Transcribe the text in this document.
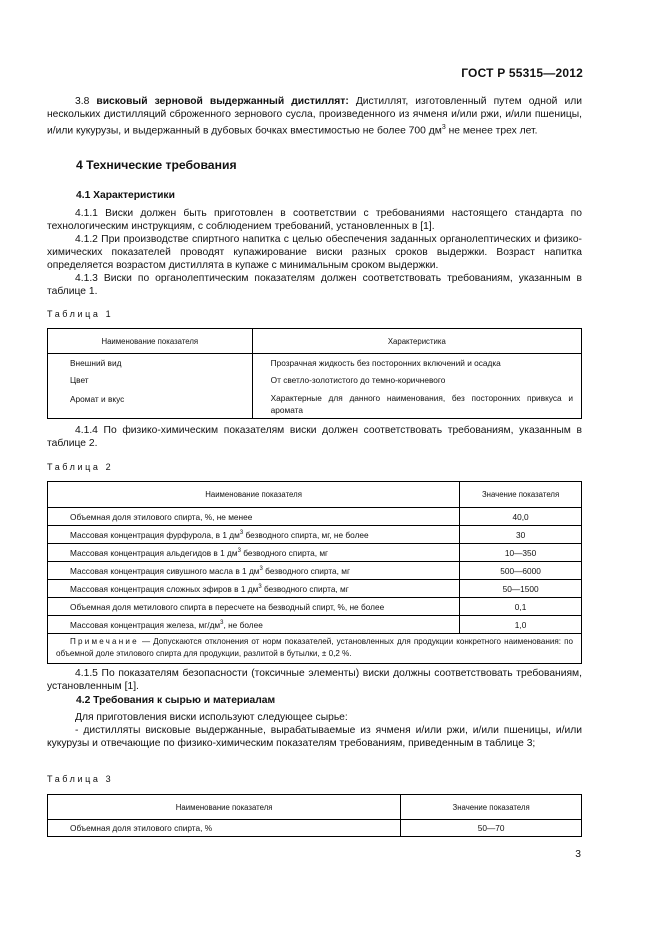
ГОСТ Р 55315—2012

3.8 висковый зерновой выдержанный дистиллят: Дистиллят, изготовленный путем одной или нескольких дистилляций сброженного зернового сусла, произведенного из ячменя и/или ржи, и/или пшеницы, и/или кукурузы, и выдержанный в дубовых бочках вместимостью не более 700 $дм^3$ не менее трех лет.

4 Технические требования
4.1 Характеристики

4.1.1 Виски должен быть приготовлен в соответствии с требованиями настоящего стандарта по технологическим инструкциям, с соблюдением требований, установленных в [1].

4.1.2 При производстве спиртного напитка с целью обеспечения заданных органолептических и физико-химических показателей проводят купажирование виски разных сроков выдержки. Возраст напитка определяется возрастом дистиллята в купаже с минимальным сроком выдержки.

4.1.3 Виски по органолептическим показателям должен соответствовать требованиям, указанным в таблице 1.

Таблица 1
Наименование показателя	Характеристика
Внешний вид	Прозрачная жидкость без посторонних включений и осадка
Цвет	От светло-золотистого до темно-коричневого
Аромат и вкус	Характерные для данного наименования, без посторонних привкуса и аромата

4.1.4 По физико-химическим показателям виски должен соответствовать требованиям, указанным в таблице 2.

Таблица 2
Наименование показателя	Значение показателя
Объемная доля этилового спирта, %, не менее	40,0
Массовая концентрация фурфурола, в 1 $дм^3$ безводного спирта, мг, не более	30
Массовая концентрация альдегидов в 1 $дм^3$ безводного спирта, мг	10—350
Массовая концентрация сивушного масла в 1 $дм^3$ безводного спирта, мг	500—6000
Массовая концентрация сложных эфиров в 1 $дм^3$ безводного спирта, мг	50—1500
Объемная доля метилового спирта в пересчете на безводный спирт, %, не более	0,1
Массовая концентрация железа, $мг/дм^3$, не более	1,0
Примечание — Допускаются отклонения от норм показателей, установленных для продукции конкретного наименования: по объемной доле этилового спирта для продукции, разлитой в бутылки, ± 0,2 %.	

4.1.5 По показателям безопасности (токсичные элементы) виски должны соответствовать требованиям, установленным [1].

4.2 Требования к сырью и материалам

Для приготовления виски используют следующее сырье:

- дистилляты висковые выдержанные, вырабатываемые из ячменя и/или ржи, и/или пшеницы, и/или кукурузы и отвечающие по физико-химическим показателям требованиям, приведенным в таблице 3;

Таблица 3
Наименование показателя	Значение показателя
Объемная доля этилового спирта, %	50—70
3
